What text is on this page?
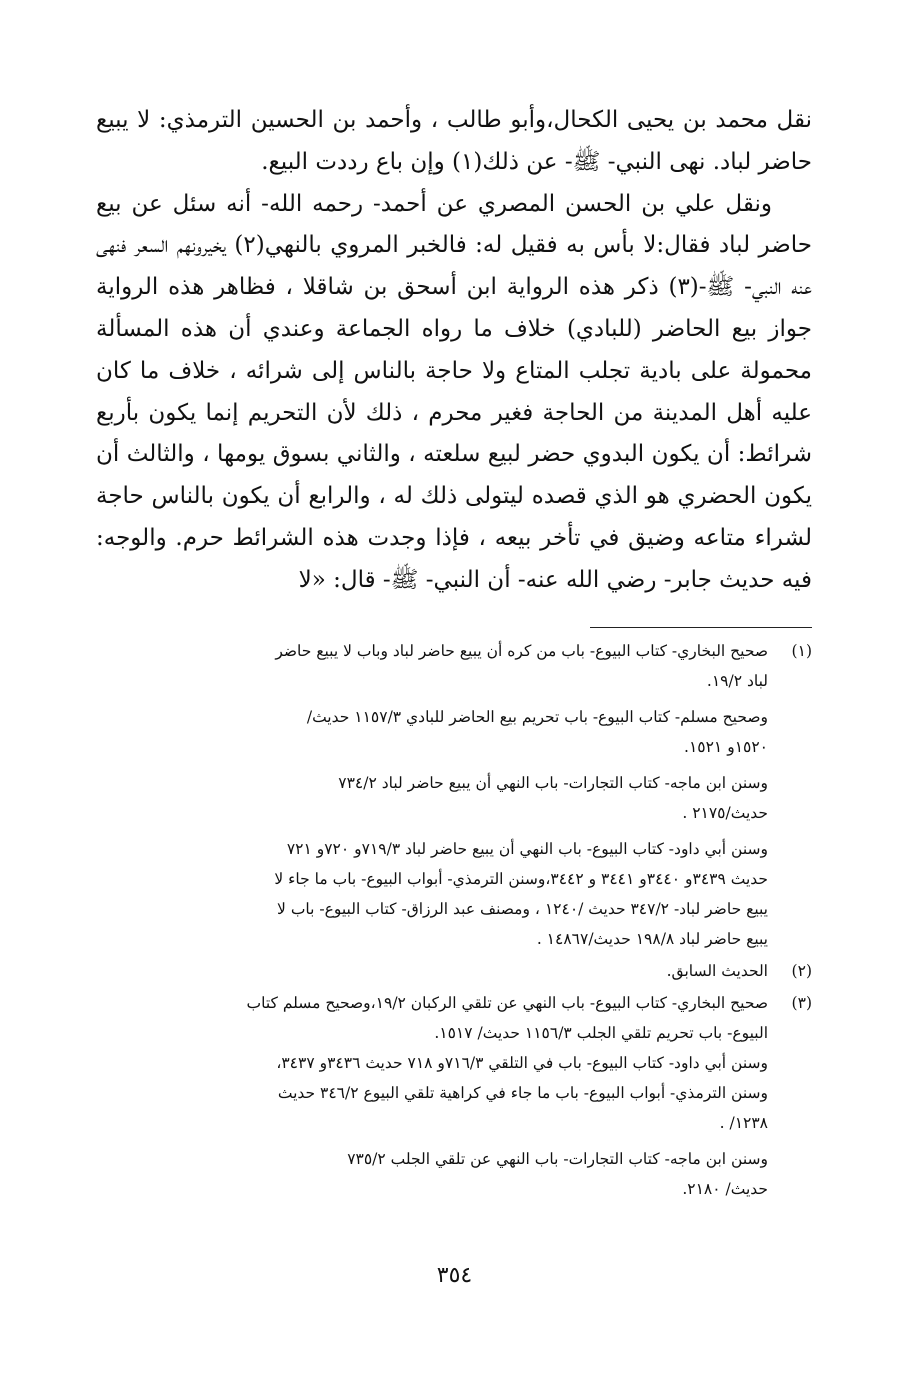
نقل محمد بن يحيى الكحال،وأبو طالب ، وأحمد بن الحسين الترمذي: لا يبيع حاضر لباد. نهى النبي- ﷺ- عن ذلك(١) وإن باع رددت البيع.

ونقل علي بن الحسن المصري عن أحمد- رحمه الله- أنه سئل عن بيع حاضر لباد فقال:لا بأس به فقيل له: فالخبر المروي بالنهي(٢) يخيرونهم السعر فنهى عنه النبي- ﷺ-(٣) ذكر هذه الرواية ابن أسحق بن شاقلا ، فظاهر هذه الرواية جواز بيع الحاضر (للبادي) خلاف ما رواه الجماعة وعندي أن هذه المسألة محمولة على بادية تجلب المتاع ولا حاجة بالناس إلى شرائه ، خلاف ما كان عليه أهل المدينة من الحاجة فغير محرم ، ذلك لأن التحريم إنما يكون بأربع شرائط: أن يكون البدوي حضر لبيع سلعته ، والثاني بسوق يومها ، والثالث أن يكون الحضري هو الذي قصده ليتولى ذلك له ، والرابع أن يكون بالناس حاجة لشراء متاعه وضيق في تأخر بيعه ، فإذا وجدت هذه الشرائط حرم. والوجه: فيه حديث جابر- رضي الله عنه- أن النبي- ﷺ- قال: «لا

(١)
صحيح البخاري- كتاب البيوع- باب من كره أن يبيع حاضر لباد وباب لا يبيع حاضر
لباد ١٩/٢.
وصحيح مسلم- كتاب البيوع- باب تحريم بيع الحاضر للبادي ١١٥٧/٣ حديث/
١٥٢٠و ١٥٢١.
وسنن ابن ماجه- كتاب التجارات- باب النهي أن يبيع حاضر لباد ٧٣٤/٢
حديث/٢١٧٥ .
وسنن أبي داود- كتاب البيوع- باب النهي أن يبيع حاضر لباد ٧١٩/٣و ٧٢٠و ٧٢١
حديث ٣٤٣٩و ٣٤٤٠و ٣٤٤١ و ٣٤٤٢،وسنن الترمذي- أبواب البيوع- باب ما جاء لا
يبيع حاضر لباد- ٣٤٧/٢ حديث /١٢٤٠ ، ومصنف عبد الرزاق- كتاب البيوع- باب لا
يبيع حاضر لباد ١٩٨/٨ حديث/١٤٨٦٧ .
(٢)
الحديث السابق.
(٣)
صحيح البخاري- كتاب البيوع- باب النهي عن تلقي الركبان ١٩/٢،وصحيح مسلم كتاب
البيوع- باب تحريم تلقي الجلب ١١٥٦/٣ حديث/ ١٥١٧.
وسنن أبي داود- كتاب البيوع- باب في التلقي ٧١٦/٣و ٧١٨ حديث ٣٤٣٦و ٣٤٣٧،
وسنن الترمذي- أبواب البيوع- باب ما جاء في كراهية تلقي البيوع ٣٤٦/٢ حديث
١٢٣٨/ .
وسنن ابن ماجه- كتاب التجارات- باب النهي عن تلقي الجلب ٧٣٥/٢
حديث/ ٢١٨٠.
٣٥٤
